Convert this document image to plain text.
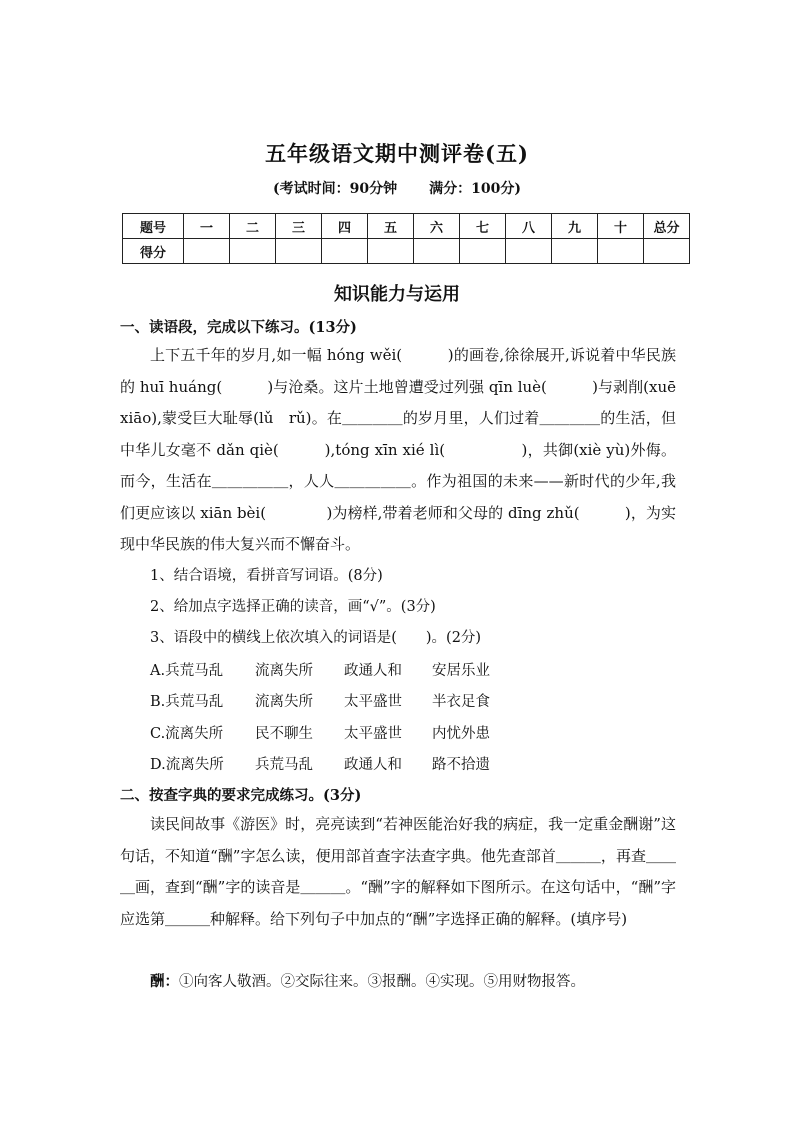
五年级语文期中测评卷(五)
(考试时间：90分钟 满分：100分)
题号	一	二	三	四	五	六	七	八	九	十	总分
得分											
知识能力与运用
一、读语段，完成以下练习。(13分)

上下五千年的岁月,如一幅 hóng wěi(　　　)的画卷,徐徐展开,诉说着中华民族的 huī huáng(　　　)与沧桑。这片土地曾遭受过列强 qīn luè(　　　)与剥削(xuē xiāo),蒙受巨大耻辱(lǔ　rǔ)。在＿＿＿＿的岁月里，人们过着＿＿＿＿的生活，但中华儿女毫不 dǎn qiè(　　　),tóng xīn xié lì(　　　　　)，共御(xiè yù)外侮。而今，生活在＿＿＿＿＿，人人＿＿＿＿＿。作为祖国的未来——新时代的少年,我们更应该以 xiān bèi(　　　　)为榜样,带着老师和父母的 dīng zhǔ(　　　)，为实现中华民族的伟大复兴而不懈奋斗。

1、结合语境，看拼音写词语。(8分)
2、给加点字选择正确的读音，画“√”。(3分)
3、语段中的横线上依次填入的词语是(　　)。(2分)
A.兵荒马乱 流离失所 政通人和 安居乐业
B.兵荒马乱 流离失所 太平盛世 半衣足食
C.流离失所 民不聊生 太平盛世 内忧外患
D.流离失所 兵荒马乱 政通人和 路不拾遗
二、按查字典的要求完成练习。(3分)

读民间故事《游医》时，亮亮读到“若神医能治好我的病症，我一定重金酬谢”这句话，不知道“酬”字怎么读，便用部首查字法查字典。他先查部首＿＿＿，再查＿＿＿画，查到“酬”字的读音是＿＿＿。“酬”字的解释如下图所示。在这句话中，“酬”字应选第＿＿＿种解释。给下列句子中加点的“酬”字选择正确的解释。(填序号)

酬：①向客人敬酒。②交际往来。③报酬。④实现。⑤用财物报答。
